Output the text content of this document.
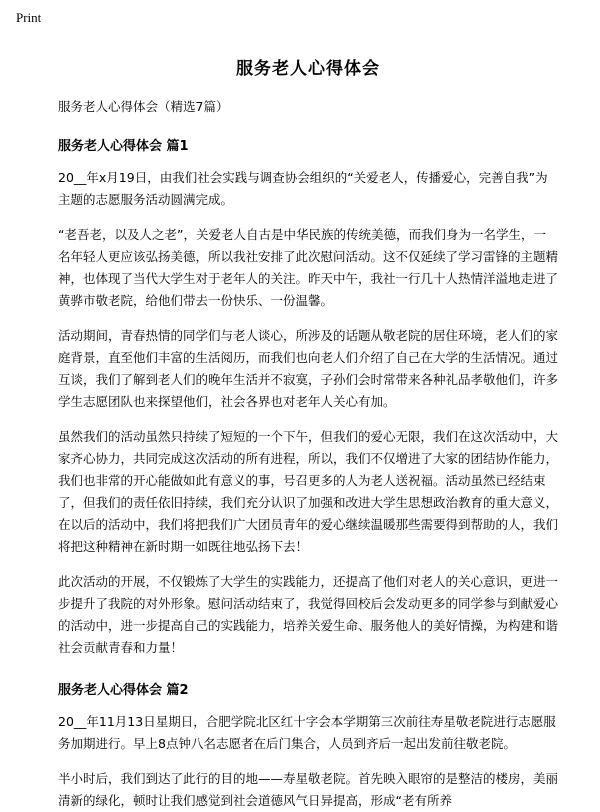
Print
服务老人心得体会
服务老人心得体会（精选7篇）
服务老人心得体会 篇1
20__年x月19日，由我们社会实践与调查协会组织的“关爱老人，传播爱心，完善自我”为主题的志愿服务活动圆满完成。
“老吾老，以及人之老”，关爱老人自古是中华民族的传统美德，而我们身为一名学生，一名年轻人更应该弘扬美德，所以我社安排了此次慰问活动。这不仅延续了学习雷锋的主题精神，也体现了当代大学生对于老年人的关注。昨天中午，我社一行几十人热情洋溢地走进了黄骅市敬老院，给他们带去一份快乐、一份温馨。
活动期间，青春热情的同学们与老人谈心，所涉及的话题从敬老院的居住环境，老人们的家庭背景，直至他们丰富的生活阅历，而我们也向老人们介绍了自己在大学的生活情况。通过互谈，我们了解到老人们的晚年生活并不寂寞，子孙们会时常带来各种礼品孝敬他们，许多学生志愿团队也来探望他们，社会各界也对老年人关心有加。
虽然我们的活动虽然只持续了短短的一个下午，但我们的爱心无限，我们在这次活动中，大家齐心协力，共同完成这次活动的所有进程，所以，我们不仅增进了大家的团结协作能力，我们也非常的开心能做如此有意义的事，号召更多的人为老人送祝福。活动虽然已经结束了，但我们的责任依旧持续，我们充分认识了加强和改进大学生思想政治教育的重大意义，在以后的活动中，我们将把我们广大团员青年的爱心继续温暖那些需要得到帮助的人，我们将把这种精神在新时期一如既往地弘扬下去！
此次活动的开展，不仅锻炼了大学生的实践能力，还提高了他们对老人的关心意识，更进一步提升了我院的对外形象。慰问活动结束了，我觉得回校后会发动更多的同学参与到献爱心的活动中，进一步提高自己的实践能力，培养关爱生命、服务他人的美好情操，为构建和谐社会贡献青春和力量！
服务老人心得体会 篇2
20__年11月13日星期日，合肥学院北区红十字会本学期第三次前往寿星敬老院进行志愿服务加期进行。早上8点钟八名志愿者在后门集合，人员到齐后一起出发前往敬老院。
半小时后，我们到达了此行的目的地——寿星敬老院。首先映入眼帘的是整洁的楼房，美丽清新的绿化，顿时让我们感觉到社会道德风气日异提高，形成“老有所养
